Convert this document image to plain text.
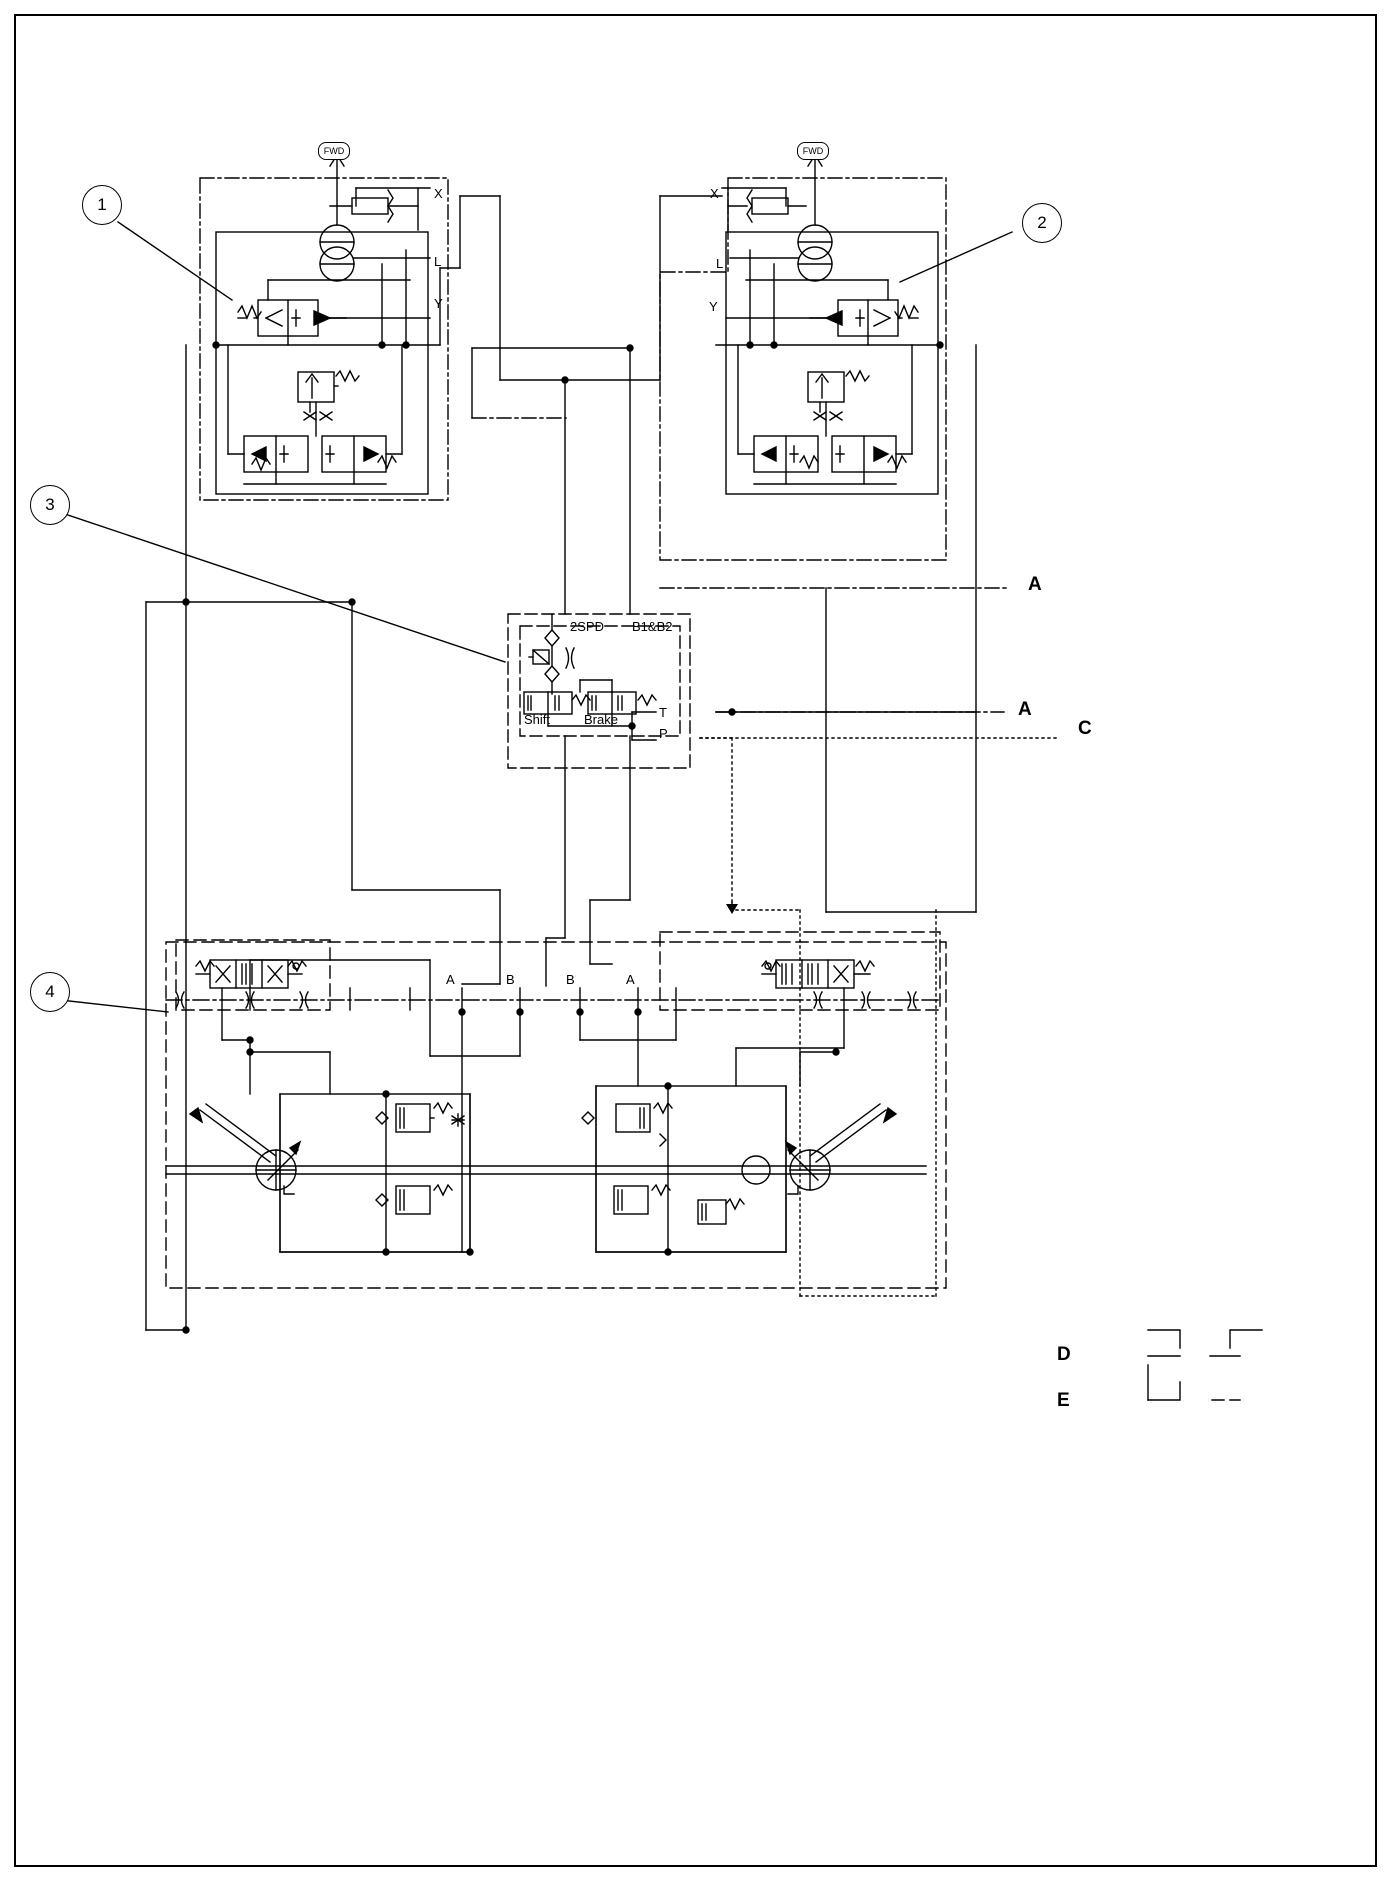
FWD	FWD
1
2
3
4
X
L
Y
X
L
Y
T
P
A	B	B	A
2SPD B1&B2
Shift	Brake
A
A
C
D
E
